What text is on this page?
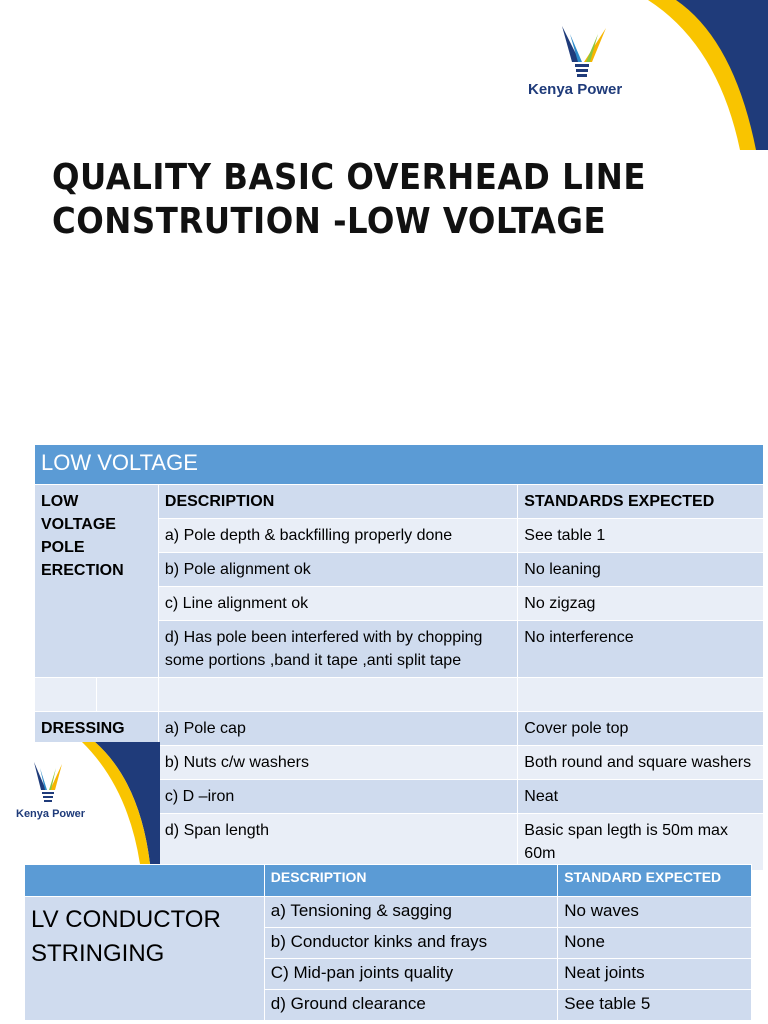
Kenya Power
QUALITY BASIC OVERHEAD LINE
CONSTRUTION -LOW VOLTAGE
LOW VOLTAGE			
LOW VOLTAGE POLE ERECTION		DESCRIPTION	STANDARDS EXPECTED
		a) Pole depth & backfilling properly done	See table 1
		b) Pole alignment ok	No leaning
		c) Line alignment ok	No zigzag
		d) Has pole been interfered with by chopping some portions ,band it tape ,anti split tape	No interference

DRESSING		a) Pole cap	Cover pole top
		b) Nuts c/w washers	Both round and square washers
		c) D –iron	Neat
		d) Span length	Basic span legth is 50m max 60m
Kenya Power
	DESCRIPTION	STANDARD EXPECTED
LV CONDUCTOR STRINGING	a) Tensioning & sagging	No waves
	b) Conductor kinks and frays	None
	C) Mid-pan joints quality	Neat joints
	d) Ground clearance	See table 5
